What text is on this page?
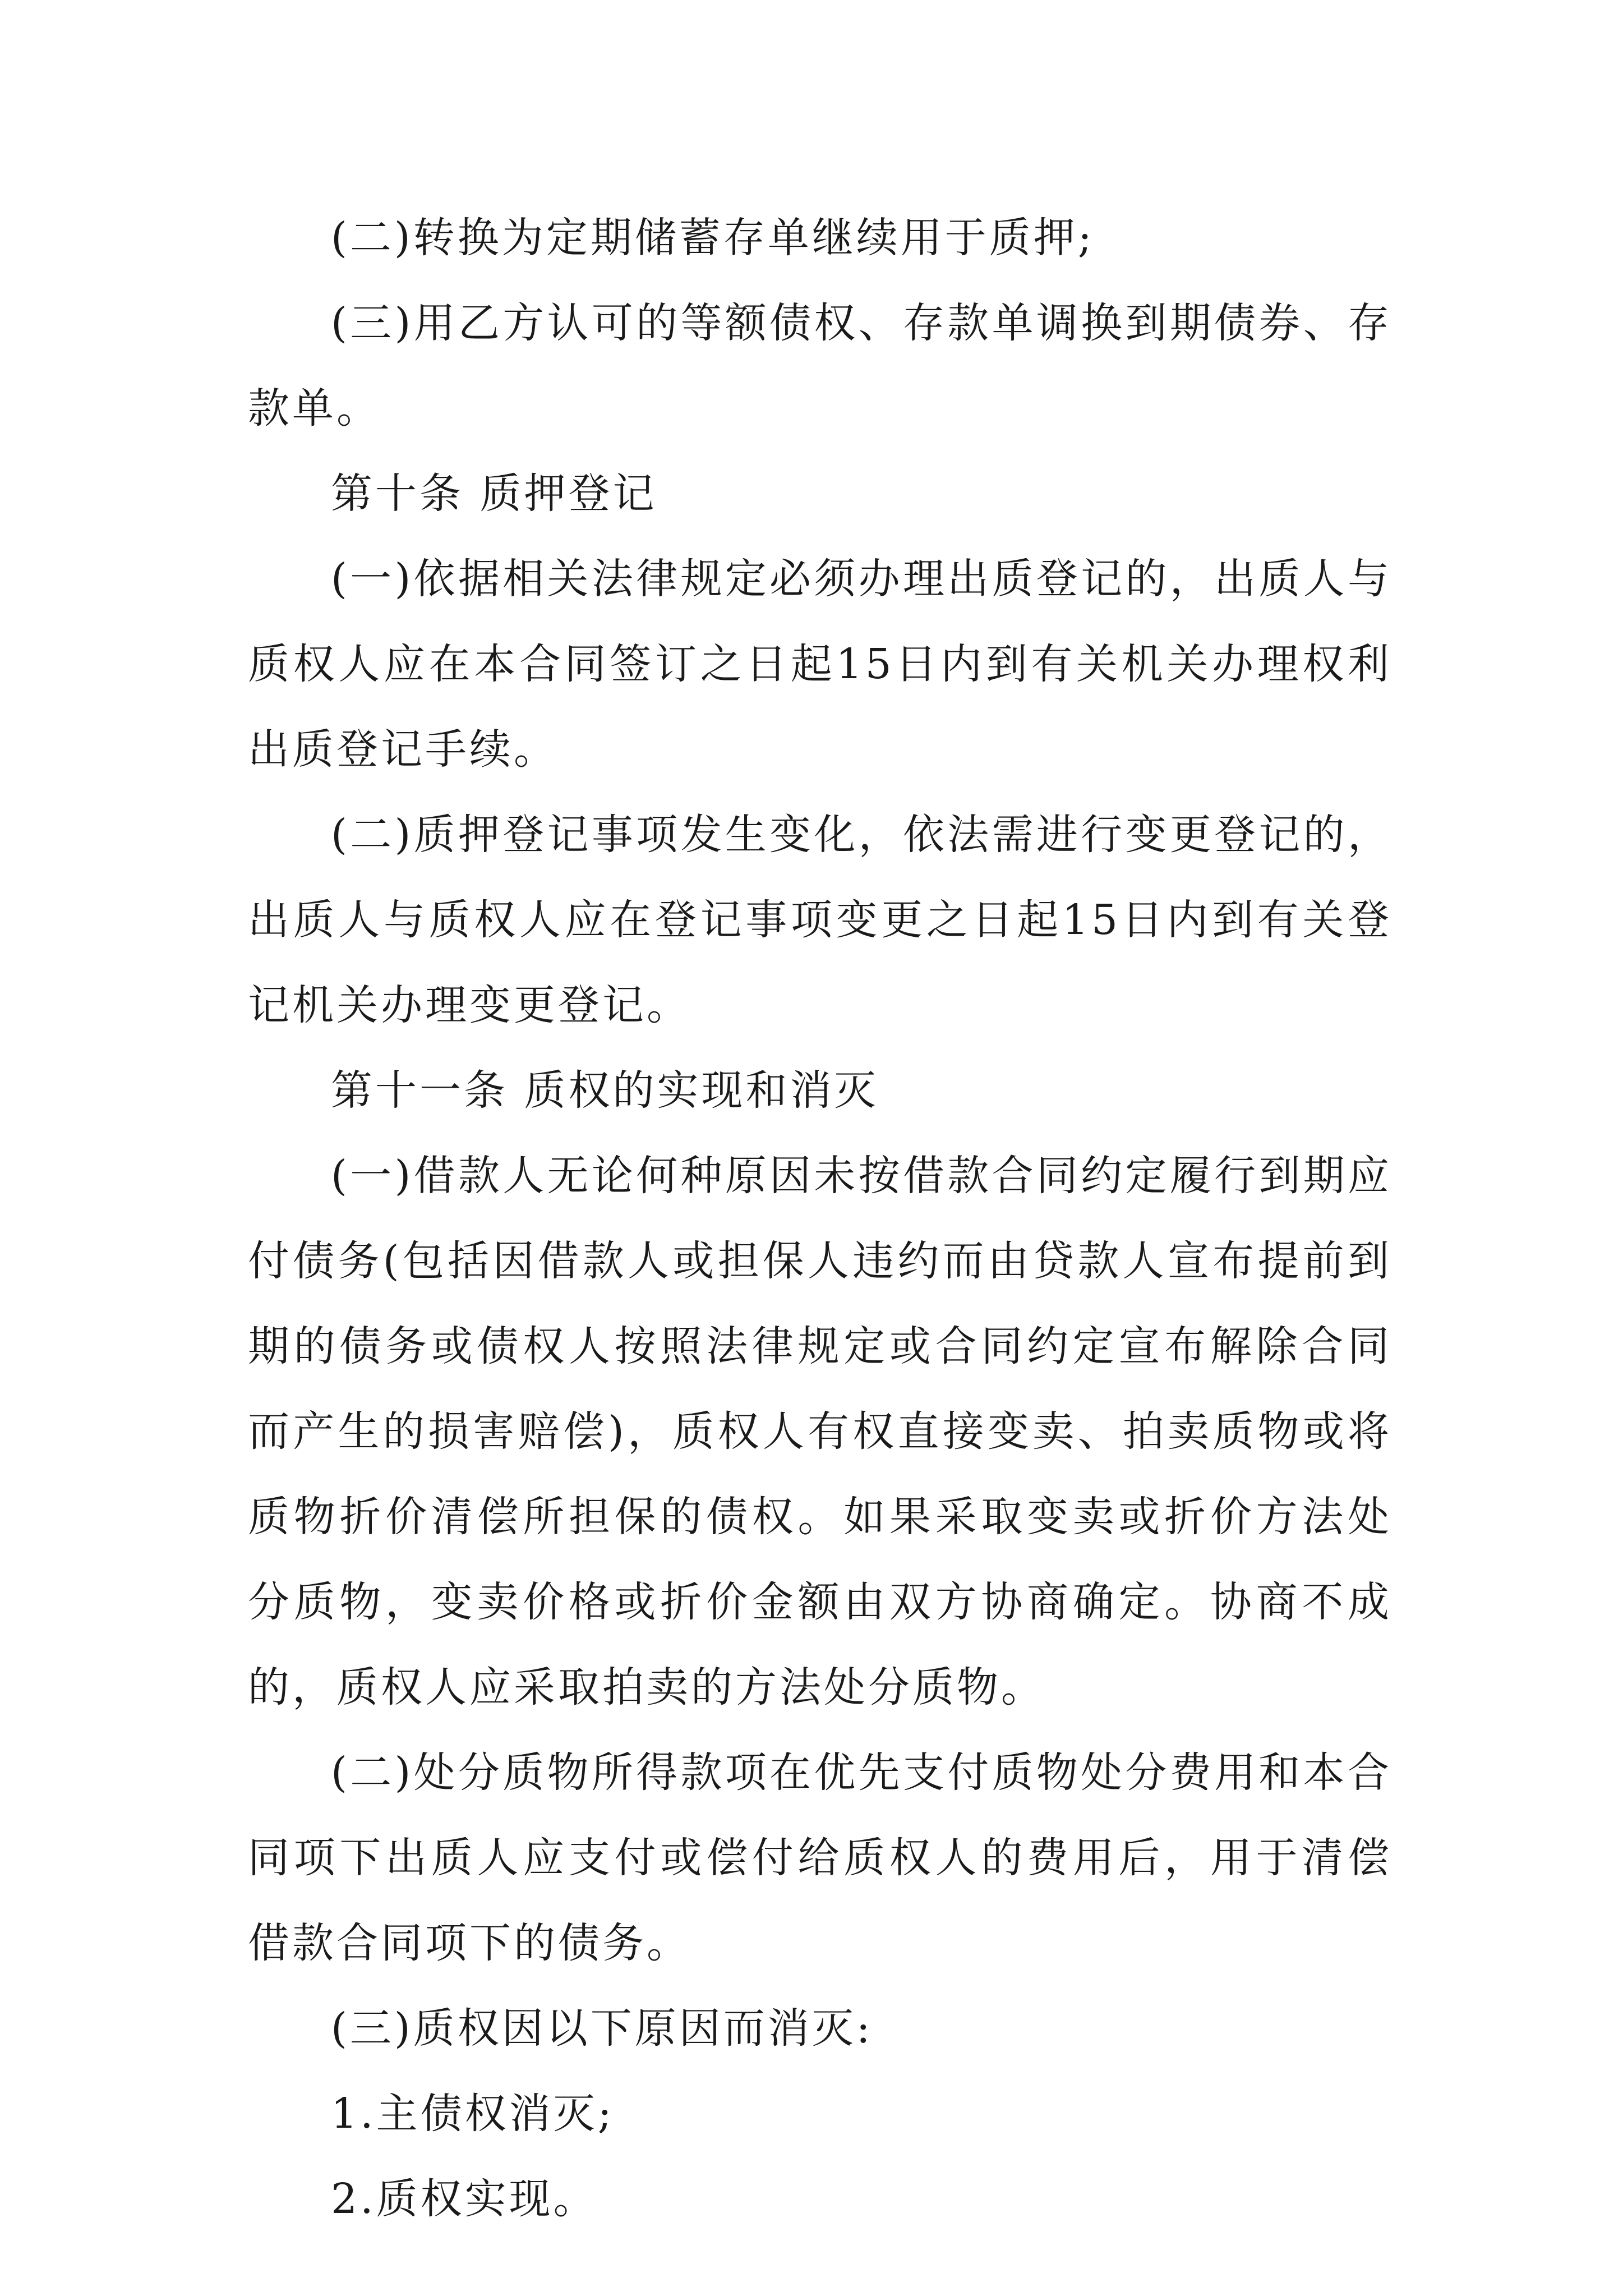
(二)转换为定期储蓄存单继续用于质押;

(三)用乙方认可的等额债权、存款单调换到期债券、存款单。

第十条 质押登记

(一)依据相关法律规定必须办理出质登记的，出质人与质权人应在本合同签订之日起15日内到有关机关办理权利出质登记手续。

(二)质押登记事项发生变化，依法需进行变更登记的，出质人与质权人应在登记事项变更之日起15日内到有关登记机关办理变更登记。

第十一条 质权的实现和消灭

(一)借款人无论何种原因未按借款合同约定履行到期应付债务(包括因借款人或担保人违约而由贷款人宣布提前到期的债务或债权人按照法律规定或合同约定宣布解除合同而产生的损害赔偿)，质权人有权直接变卖、拍卖质物或将质物折价清偿所担保的债权。如果采取变卖或折价方法处分质物，变卖价格或折价金额由双方协商确定。协商不成的，质权人应采取拍卖的方法处分质物。

(二)处分质物所得款项在优先支付质物处分费用和本合同项下出质人应支付或偿付给质权人的费用后，用于清偿借款合同项下的债务。

(三)质权因以下原因而消灭:

1.主债权消灭;

2.质权实现。
